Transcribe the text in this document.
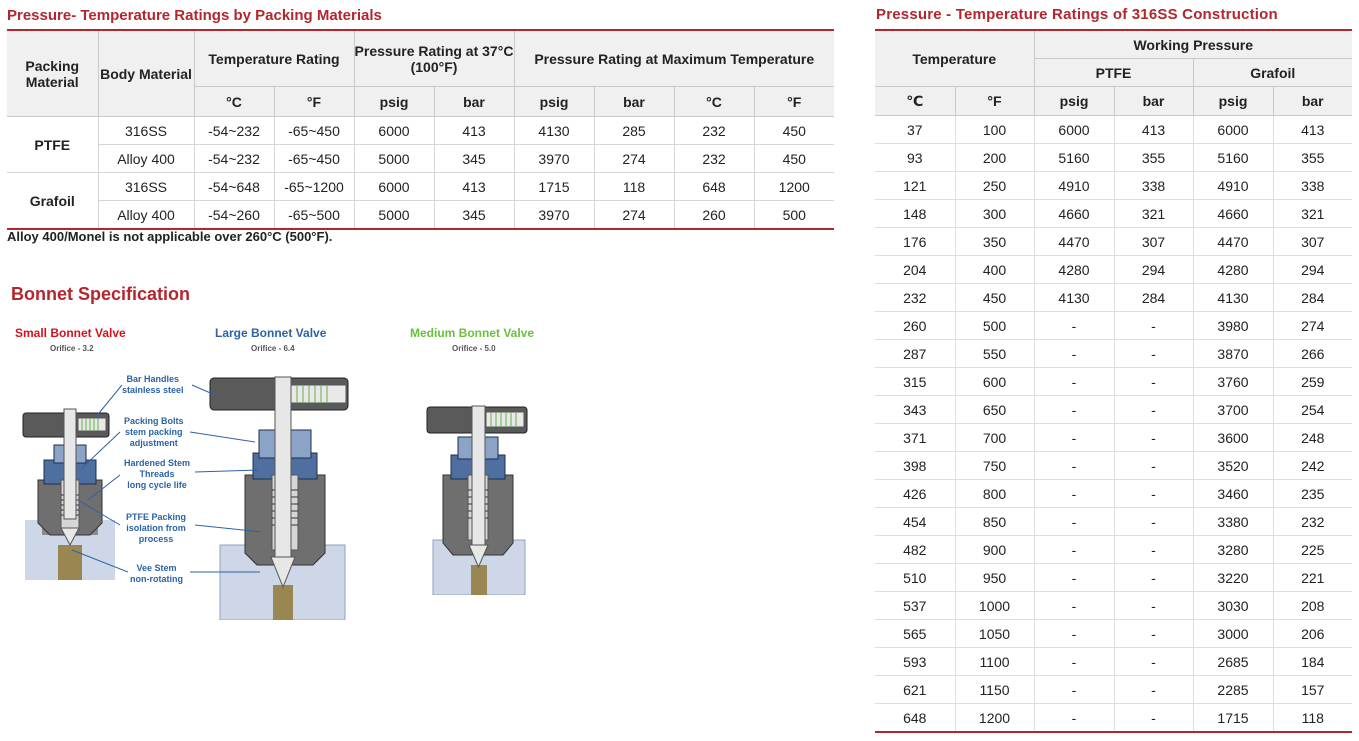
Pressure- Temperature Ratings by Packing Materials
Packing Material	Body Material	Temperature Rating		Pressure Rating at 37°C (100°F)		Pressure Rating at Maximum Temperature			
		°C	°F	psig	bar	psig	bar	°C	°F
PTFE	316SS	-54~232	-65~450	6000	413	4130	285	232	450
	Alloy 400	-54~232	-65~450	5000	345	3970	274	232	450
Grafoil	316SS	-54~648	-65~1200	6000	413	1715	118	648	1200
	Alloy 400	-54~260	-65~500	5000	345	3970	274	260	500
Alloy 400/Monel is not applicable over 260°C (500°F).
Bonnet Specification
Small Bonnet Valve
Orifice - 3.2
Large Bonnet Valve
Orifice - 6.4
Medium Bonnet Valve
Orifice - 5.0
Bar Handles
stainless steel
Packing Bolts
stem packing
adjustment
Hardened Stem
Threads
long cycle life
PTFE Packing
isolation from
process
Vee Stem
non-rotating
Pressure - Temperature Ratings of 316SS Construction
Temperature		Working Pressure			
		PTFE		Grafoil	
℃	°F	psig	bar	psig	bar
37	100	6000	413	6000	413
93	200	5160	355	5160	355
121	250	4910	338	4910	338
148	300	4660	321	4660	321
176	350	4470	307	4470	307
204	400	4280	294	4280	294
232	450	4130	284	4130	284
260	500	-	-	3980	274
287	550	-	-	3870	266
315	600	-	-	3760	259
343	650	-	-	3700	254
371	700	-	-	3600	248
398	750	-	-	3520	242
426	800	-	-	3460	235
454	850	-	-	3380	232
482	900	-	-	3280	225
510	950	-	-	3220	221
537	1000	-	-	3030	208
565	1050	-	-	3000	206
593	1100	-	-	2685	184
621	1150	-	-	2285	157
648	1200	-	-	1715	118
